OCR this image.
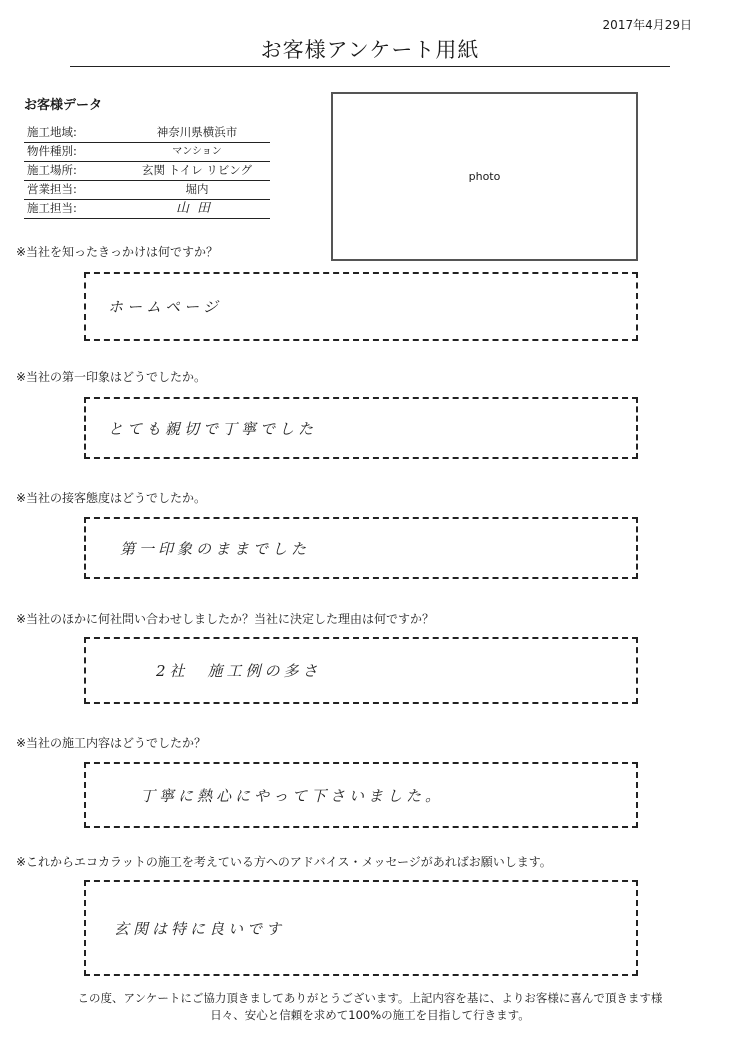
2017年4月29日
お客様アンケート用紙
お客様データ
施工地域:	神奈川県横浜市
物件種別:	マンション
施工場所:	玄関 トイレ リビング
営業担当:	堀内
施工担当:	山田
photo
※当社を知ったきっかけは何ですか？
ホームページ
※当社の第一印象はどうでしたか。
とても親切で丁寧でした
※当社の接客態度はどうでしたか。
第一印象のままでした
※当社のほかに何社問い合わせしましたか？当社に決定した理由は何ですか？
2社　施工例の多さ
※当社の施工内容はどうでしたか？
丁寧に熱心にやって下さいました。
※これからエコカラットの施工を考えている方へのアドバイス・メッセージがあればお願いします。
玄関は特に良いです
この度、アンケートにご協力頂きましてありがとうございます。上記内容を基に、よりお客様に喜んで頂きます様
日々、安心と信頼を求めて100%の施工を目指して行きます。
